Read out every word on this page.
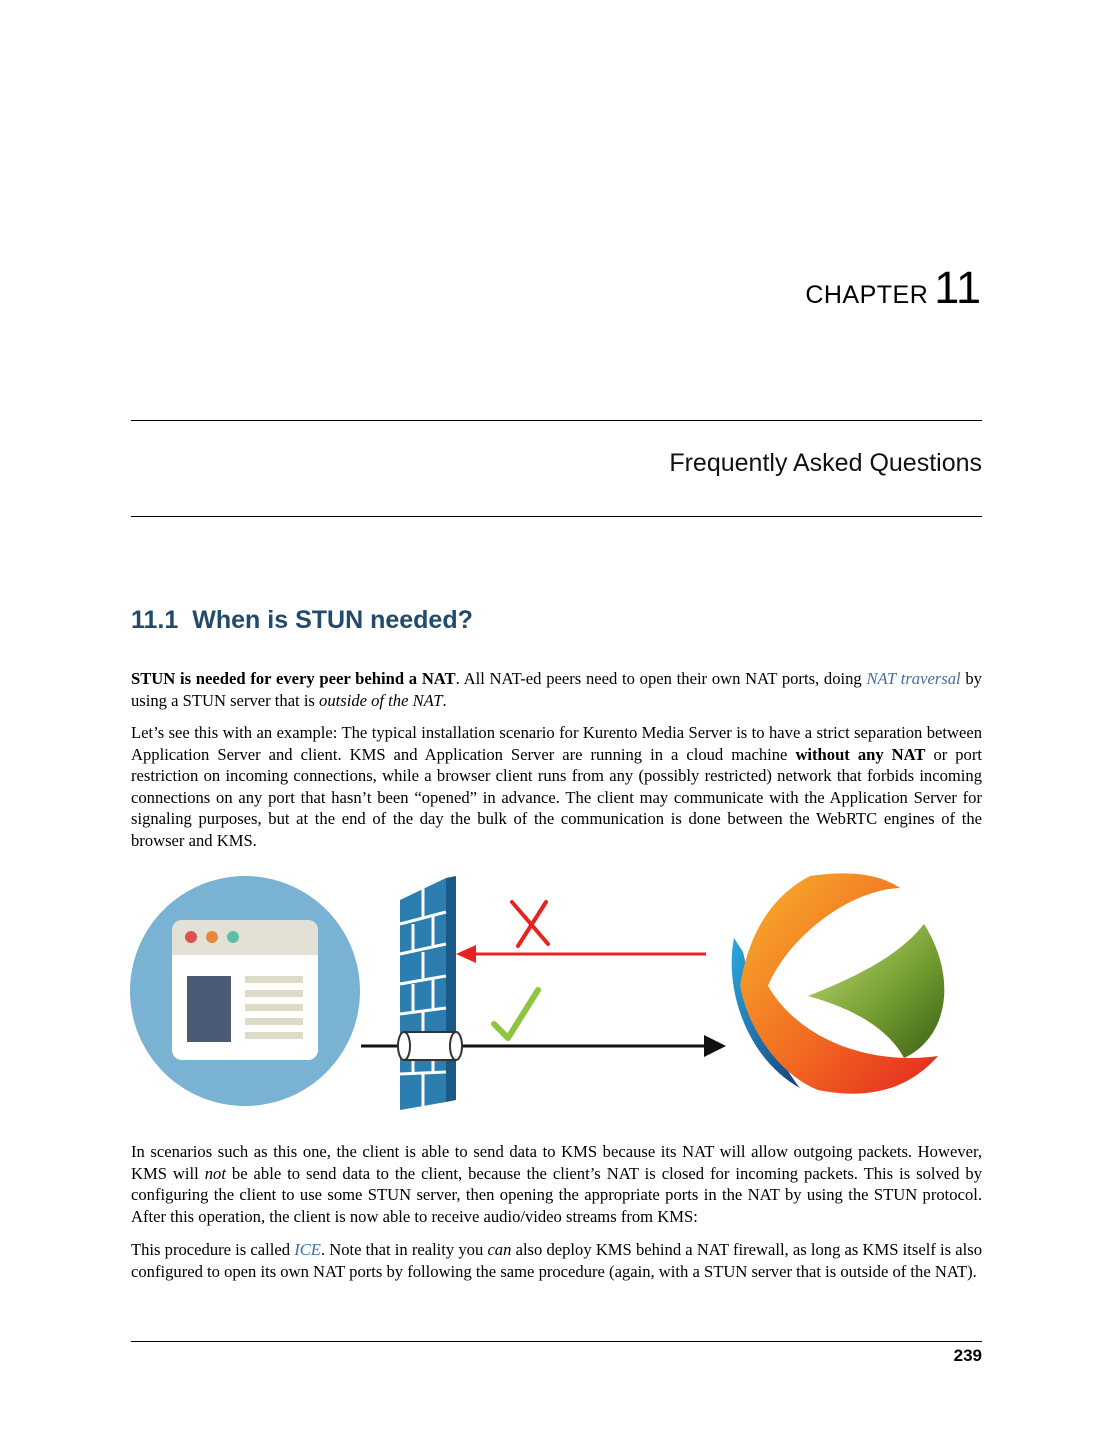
CHAPTER 11
Frequently Asked Questions
11.1 When is STUN needed?

STUN is needed for every peer behind a NAT. All NAT-ed peers need to open their own NAT ports, doing NAT traversal by using a STUN server that is outside of the NAT.

Let’s see this with an example: The typical installation scenario for Kurento Media Server is to have a strict separation between Application Server and client. KMS and Application Server are running in a cloud machine without any NAT or port restriction on incoming connections, while a browser client runs from any (possibly restricted) network that forbids incoming connections on any port that hasn’t been “opened” in advance. The client may communicate with the Application Server for signaling purposes, but at the end of the day the bulk of the communication is done between the WebRTC engines of the browser and KMS.

In scenarios such as this one, the client is able to send data to KMS because its NAT will allow outgoing packets. However, KMS will not be able to send data to the client, because the client’s NAT is closed for incoming packets. This is solved by configuring the client to use some STUN server, then opening the appropriate ports in the NAT by using the STUN protocol. After this operation, the client is now able to receive audio/video streams from KMS:

This procedure is called ICE. Note that in reality you can also deploy KMS behind a NAT firewall, as long as KMS itself is also configured to open its own NAT ports by following the same procedure (again, with a STUN server that is outside of the NAT).

239
